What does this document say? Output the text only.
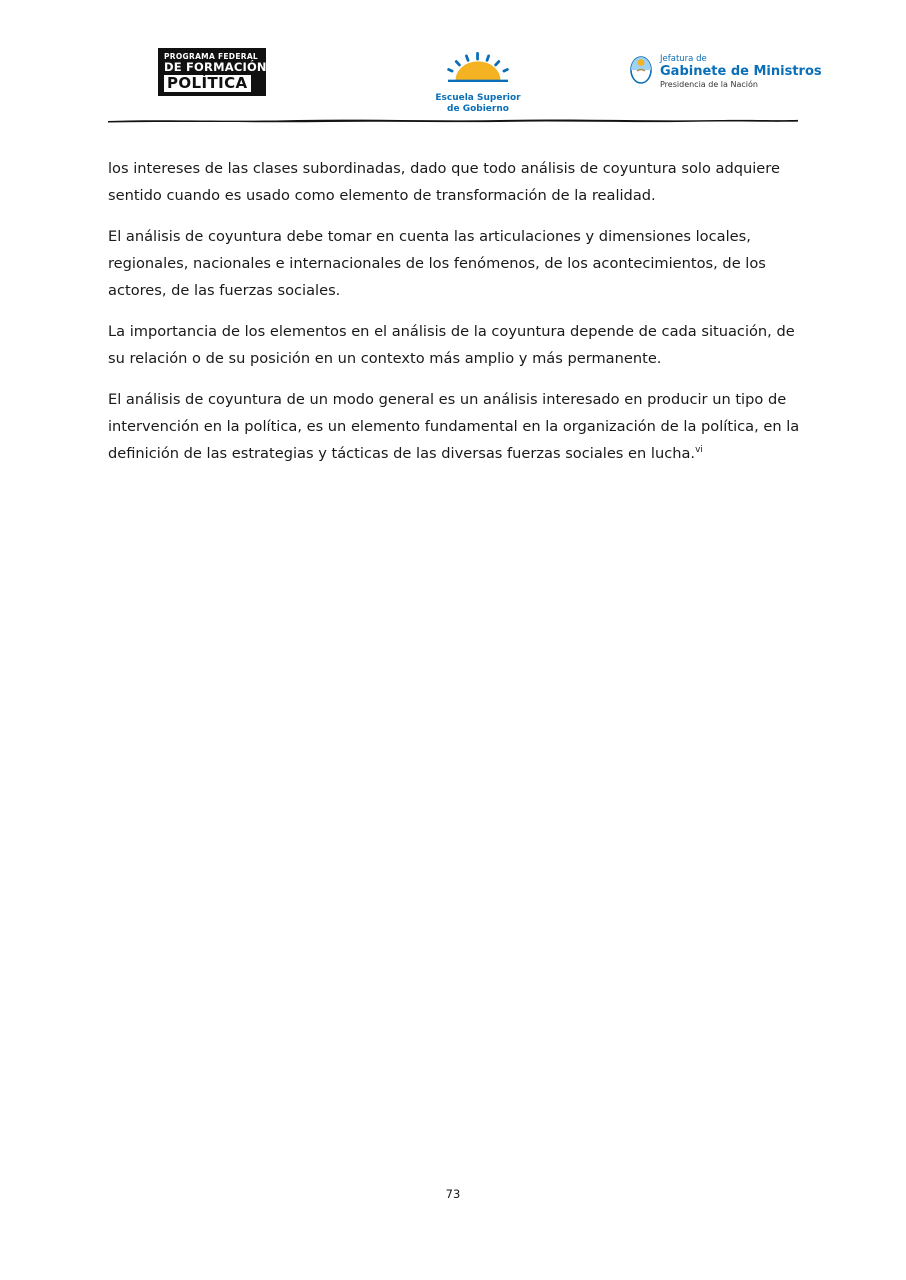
PROGRAMA FEDERAL
DE FORMACIÓN
POLÍTICA
Escuela Superior
de Gobierno
Jefatura de
Gabinete de Ministros
Presidencia de la Nación

los intereses de las clases subordinadas, dado que todo análisis de coyuntura solo adquiere sentido cuando es usado como elemento de transformación de la realidad.

El análisis de coyuntura debe tomar en cuenta las articulaciones y dimensiones locales, regionales, nacionales e internacionales de los fenómenos, de los acontecimientos, de los actores, de las fuerzas sociales.

La importancia de los elementos en el análisis de la coyuntura depende de cada situación, de su relación o de su posición en un contexto más amplio y más permanente.

El análisis de coyuntura de un modo general es un análisis interesado en producir un tipo de intervención en la política, es un elemento fundamental en la organización de la política, en la definición de las estrategias y tácticas de las diversas fuerzas sociales en lucha.$^{vi}$

73
